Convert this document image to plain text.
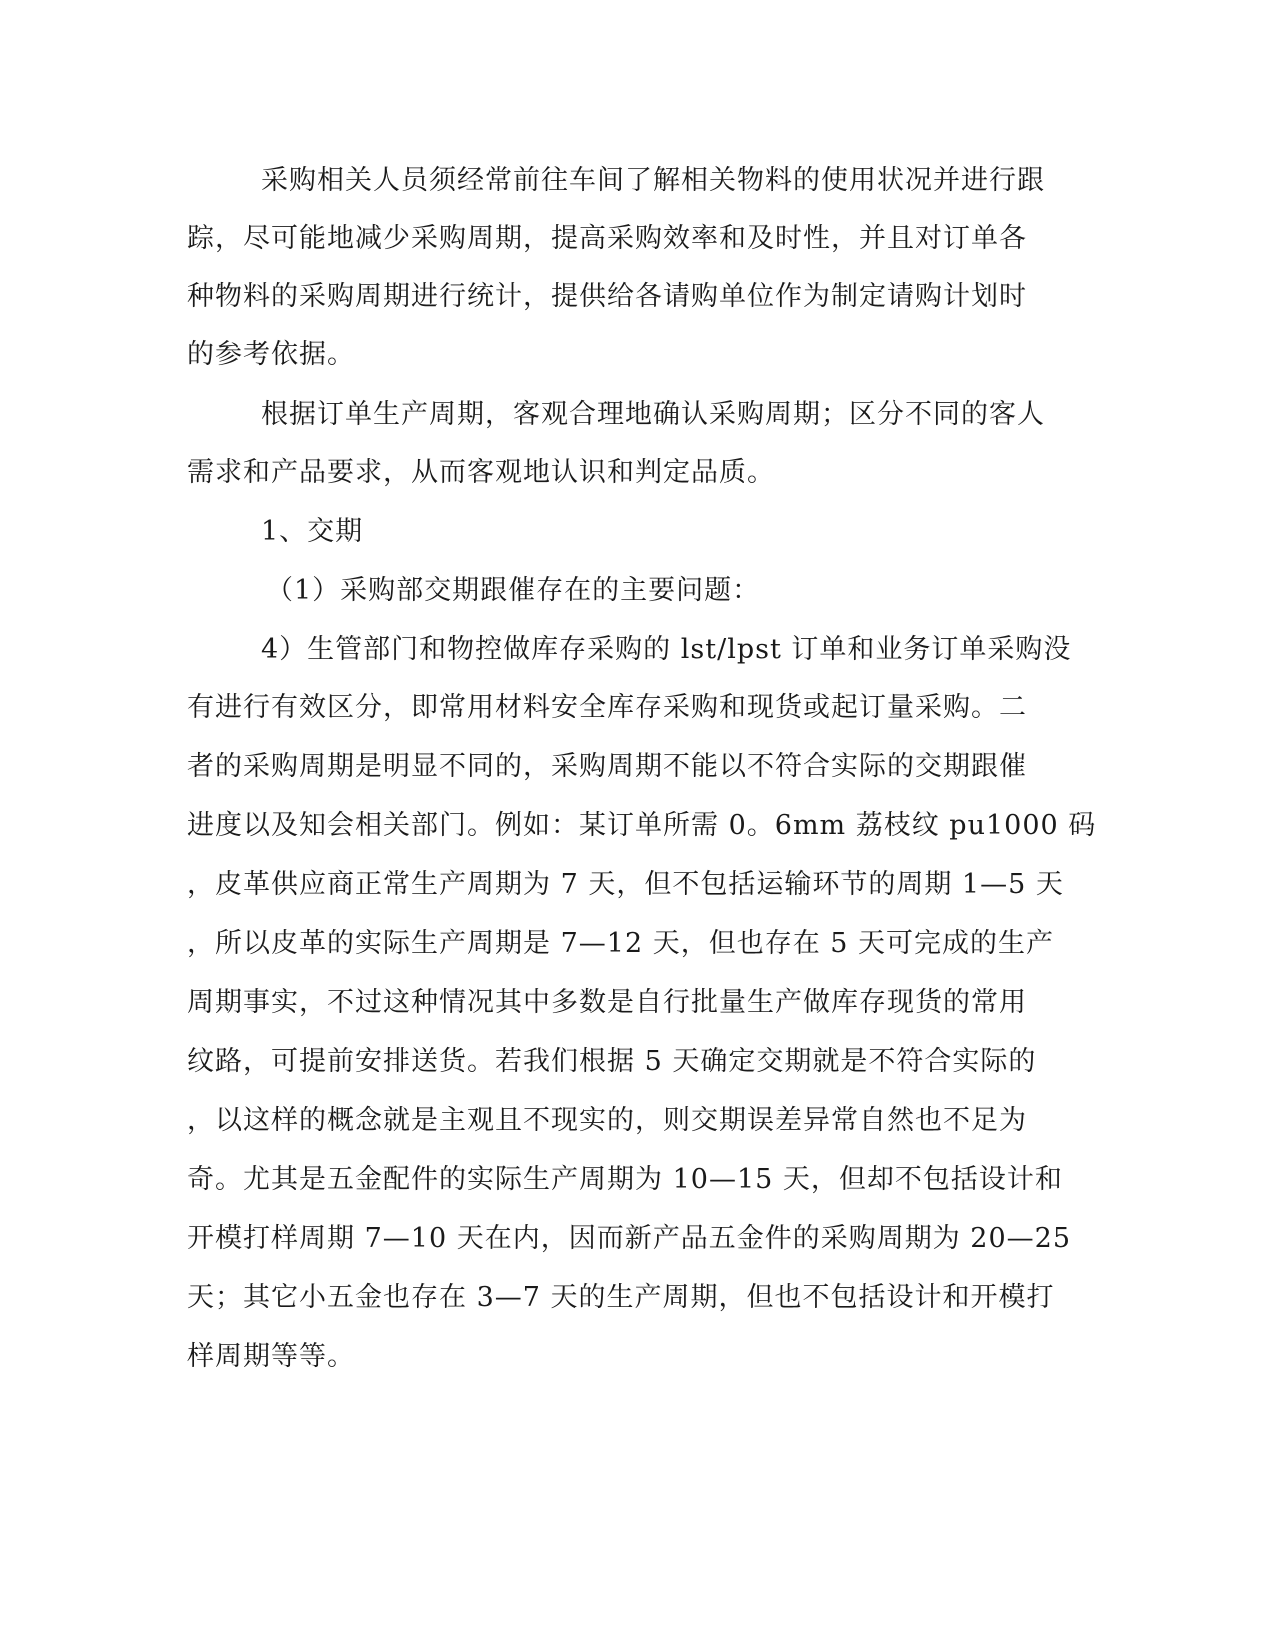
采购相关人员须经常前往车间了解相关物料的使用状况并进行跟
踪，尽可能地减少采购周期，提高采购效率和及时性，并且对订单各
种物料的采购周期进行统计，提供给各请购单位作为制定请购计划时
的参考依据。
根据订单生产周期，客观合理地确认采购周期；区分不同的客人
需求和产品要求，从而客观地认识和判定品质。
1、交期
（1）采购部交期跟催存在的主要问题：
4）生管部门和物控做库存采购的 lst/lpst 订单和业务订单采购没
有进行有效区分，即常用材料安全库存采购和现货或起订量采购。二
者的采购周期是明显不同的，采购周期不能以不符合实际的交期跟催
进度以及知会相关部门。例如：某订单所需 0。6mm 荔枝纹 pu1000 码
，皮革供应商正常生产周期为 7 天，但不包括运输环节的周期 1—5 天
，所以皮革的实际生产周期是 7—12 天，但也存在 5 天可完成的生产
周期事实，不过这种情况其中多数是自行批量生产做库存现货的常用
纹路，可提前安排送货。若我们根据 5 天确定交期就是不符合实际的
，以这样的概念就是主观且不现实的，则交期误差异常自然也不足为
奇。尤其是五金配件的实际生产周期为 10—15 天，但却不包括设计和
开模打样周期 7—10 天在内，因而新产品五金件的采购周期为 20—25
天；其它小五金也存在 3—7 天的生产周期，但也不包括设计和开模打
样周期等等。
